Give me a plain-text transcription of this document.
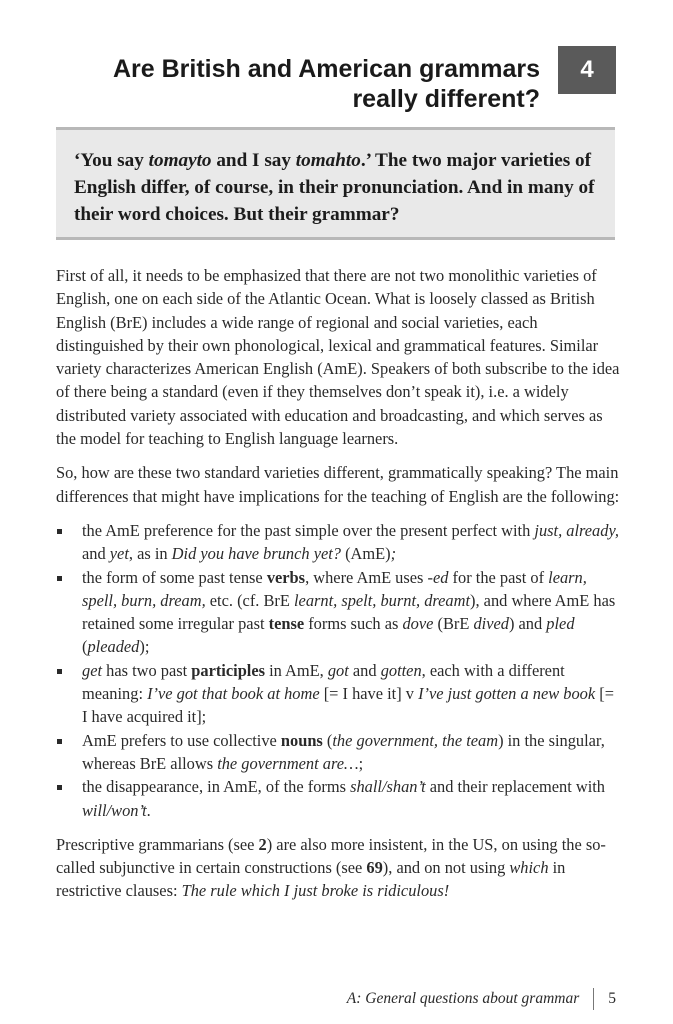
Are British and American grammars
really different?
4
‘You say tomayto and I say tomahto.’ The two major varieties of English differ, of course, in their pronunciation. And in many of their word choices. But their grammar?

First of all, it needs to be emphasized that there are not two monolithic varieties of English, one on each side of the Atlantic Ocean. What is loosely classed as British English (BrE) includes a wide range of regional and social varieties, each distinguished by their own phonological, lexical and grammatical features. Similar variety characterizes American English (AmE). Speakers of both subscribe to the idea of there being a standard (even if they themselves don’t speak it), i.e. a widely distributed variety associated with education and broadcasting, and which serves as the model for teaching to English language learners.

So, how are these two standard varieties different, grammatically speaking? The main differences that might have implications for the teaching of English are the following:

the AmE preference for the past simple over the present perfect with just, already, and yet, as in Did you have brunch yet? (AmE);
the form of some past tense verbs, where AmE uses -ed for the past of learn, spell, burn, dream, etc. (cf. BrE learnt, spelt, burnt, dreamt), and where AmE has retained some irregular past tense forms such as dove (BrE dived) and pled (pleaded);
get has two past participles in AmE, got and gotten, each with a different meaning: I’ve got that book at home [= I have it] v I’ve just gotten a new book [= I have acquired it];
AmE prefers to use collective nouns (the government, the team) in the singular, whereas BrE allows the government are…;
the disappearance, in AmE, of the forms shall/shan’t and their replacement with will/won’t.

Prescriptive grammarians (see 2) are also more insistent, in the US, on using the so-called subjunctive in certain constructions (see 69), and on not using which in restrictive clauses: The rule which I just broke is ridiculous!

A: General questions about grammar 5
